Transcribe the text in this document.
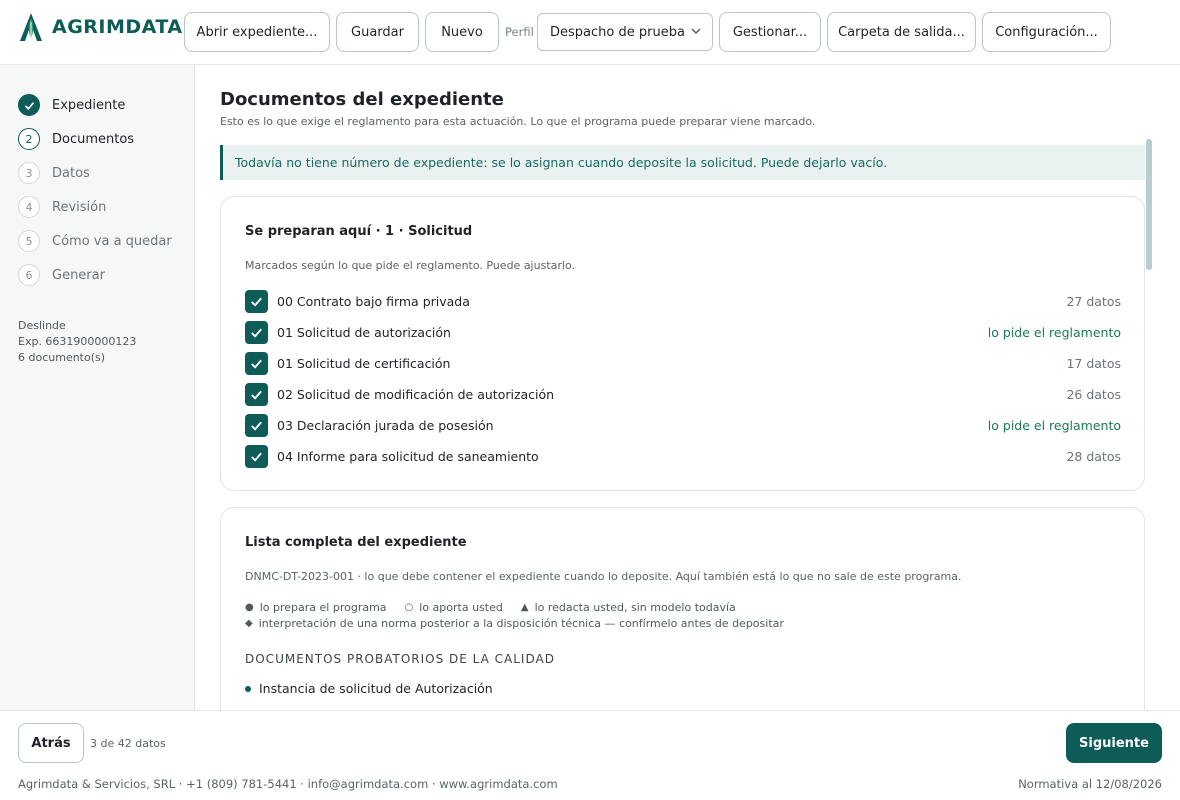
AGRIMDATA	Abrir expediente...	Guardar	Nuevo	Perfil Despacho de prueba	Gestionar...	Carpeta de salida...	Configuración...
Expediente
2	Documentos
3	Datos
4	Revisión
5	Cómo va a quedar
6	Generar
Deslinde
Exp. 6631900000123
6 documento(s)
Documentos del expediente
Esto es lo que exige el reglamento para esta actuación. Lo que el programa puede preparar viene marcado.
Todavía no tiene número de expediente: se lo asignan cuando deposite la solicitud. Puede dejarlo vacío.
Se preparan aquí · 1 · Solicitud
Marcados según lo que pide el reglamento. Puede ajustarlo.
00 Contrato bajo firma privada	27 datos
01 Solicitud de autorización	lo pide el reglamento
01 Solicitud de certificación	17 datos
02 Solicitud de modificación de autorización	26 datos
03 Declaración jurada de posesión	lo pide el reglamento
04 Informe para solicitud de saneamiento	28 datos
Lista completa del expediente
DNMC-DT-2023-001 · lo que debe contener el expediente cuando lo deposite. Aquí también está lo que no sale de este programa.
● lo prepara el programa ○ lo aporta usted ▲ lo redacta usted, sin modelo todavía
◆ interpretación de una norma posterior a la disposición técnica — confírmelo antes de depositar
DOCUMENTOS PROBATORIOS DE LA CALIDAD
Instancia de solicitud de Autorización
Atrás	3 de 42 datos	Siguiente
Agrimdata & Servicios, SRL · +1 (809) 781-5441 · info@agrimdata.com · www.agrimdata.com	Normativa al 12/08/2026
